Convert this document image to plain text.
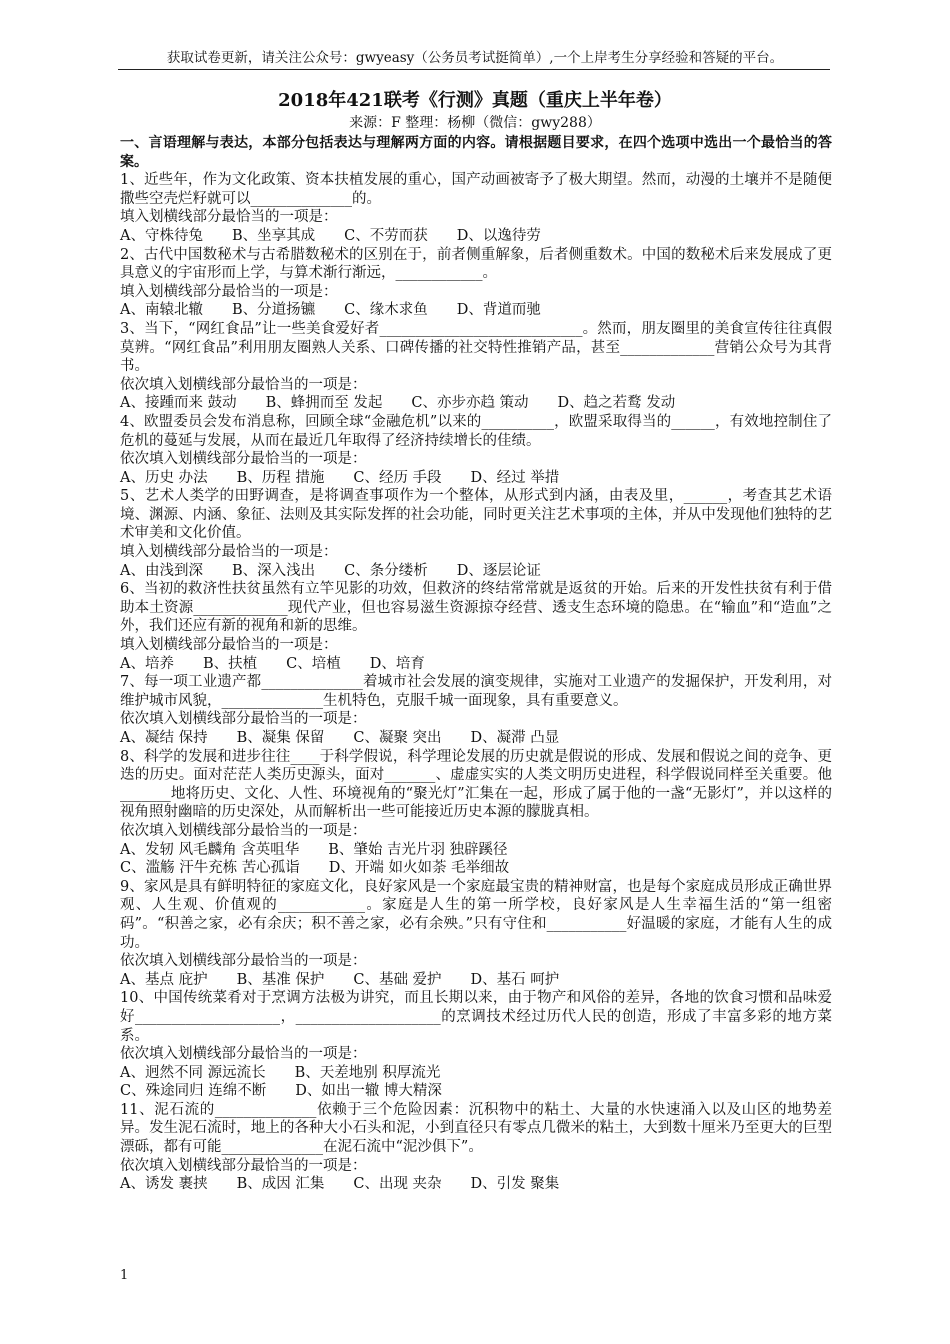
获取试卷更新，请关注公众号：gwyeasy（公务员考试挺简单）,一个上岸考生分享经验和答疑的平台。
2018年421联考《行测》真题（重庆上半年卷）
来源：F 整理：杨柳（微信：gwy288）

一、言语理解与表达，本部分包括表达与理解两方面的内容。请根据题目要求，在四个选项中选出一个最恰当的答案。

1、近些年，作为文化政策、资本扶植发展的重心，国产动画被寄予了极大期望。然而，动漫的土壤并不是随便撒些空壳烂籽就可以______________的。

填入划横线部分最恰当的一项是：

A、守株待兔　　B、坐享其成　　C、不劳而获　　D、以逸待劳

2、古代中国数秘术与古希腊数秘术的区别在于，前者侧重解象，后者侧重数术。中国的数秘术后来发展成了更具意义的宇宙形而上学，与算术渐行渐远，____________。

填入划横线部分最恰当的一项是：

A、南辕北辙　　B、分道扬镳　　C、缘木求鱼　　D、背道而驰

3、当下，“网红食品”让一些美食爱好者____________________________。然而，朋友圈里的美食宣传往往真假莫辨。“网红食品”利用朋友圈熟人关系、口碑传播的社交特性推销产品，甚至_____________营销公众号为其背书。

依次填入划横线部分最恰当的一项是：

A、接踵而来 鼓动　　B、蜂拥而至 发起　　C、亦步亦趋 策动　　D、趋之若鹜 发动

4、欧盟委员会发布消息称，回顾全球“金融危机”以来的__________，欧盟采取得当的______，有效地控制住了危机的蔓延与发展，从而在最近几年取得了经济持续增长的佳绩。

依次填入划横线部分最恰当的一项是：

A、历史 办法　　B、历程 措施　　C、经历 手段　　D、经过 举措

5、艺术人类学的田野调查，是将调查事项作为一个整体，从形式到内涵，由表及里，______，考查其艺术语境、渊源、内涵、象征、法则及其实际发挥的社会功能，同时更关注艺术事项的主体，并从中发现他们独特的艺术审美和文化价值。

填入划横线部分最恰当的一项是：

A、由浅到深　　B、深入浅出　　C、条分缕析　　D、逐层论证

6、当初的救济性扶贫虽然有立竿见影的功效，但救济的终结常常就是返贫的开始。后来的开发性扶贫有利于借助本土资源_____________现代产业，但也容易滋生资源掠夺经营、透支生态环境的隐患。在“输血”和“造血”之外，我们还应有新的视角和新的思维。

填入划横线部分最恰当的一项是：

A、培养　　B、扶植　　C、培植　　D、培育

7、每一项工业遗产都______________着城市社会发展的演变规律，实施对工业遗产的发掘保护，开发利用，对维护城市风貌，______________生机特色，克服千城一面现象，具有重要意义。

依次填入划横线部分最恰当的一项是：

A、凝结 保持　　B、凝集 保留　　C、凝聚 突出　　D、凝滞 凸显

8、科学的发展和进步往往____于科学假说，科学理论发展的历史就是假说的形成、发展和假说之间的竞争、更迭的历史。面对茫茫人类历史源头，面对_______、虚虚实实的人类文明历史进程，科学假说同样至关重要。他_______地将历史、文化、人性、环境视角的“聚光灯”汇集在一起，形成了属于他的一盏“无影灯”，并以这样的视角照射幽暗的历史深处，从而解析出一些可能接近历史本源的朦胧真相。

依次填入划横线部分最恰当的一项是：

A、发轫 风毛麟角 含英咀华　　B、肇始 吉光片羽 独辟蹊径

C、滥觞 汗牛充栋 苦心孤诣　　D、开端 如火如荼 毛举细故

9、家风是具有鲜明特征的家庭文化，良好家风是一个家庭最宝贵的精神财富，也是每个家庭成员形成正确世界观、人生观、价值观的____________。家庭是人生的第一所学校，良好家风是人生幸福生活的“第一组密码”。“积善之家，必有余庆；积不善之家，必有余殃。”只有守住和___________好温暖的家庭，才能有人生的成功。

依次填入划横线部分最恰当的一项是：

A、基点 庇护　　B、基准 保护　　C、基础 爱护　　D、基石 呵护

10、中国传统菜肴对于烹调方法极为讲究，而且长期以来，由于物产和风俗的差异，各地的饮食习惯和品味爱好____________________，____________________的烹调技术经过历代人民的创造，形成了丰富多彩的地方菜系。

依次填入划横线部分最恰当的一项是：

A、迥然不同 源远流长　　B、天差地别 积厚流光

C、殊途同归 连绵不断　　D、如出一辙 博大精深

11、泥石流的______________依赖于三个危险因素：沉积物中的粘土、大量的水快速涌入以及山区的地势差异。发生泥石流时，地上的各种大小石头和泥，小到直径只有零点几微米的粘土，大到数十厘米乃至更大的巨型漂砾，都有可能______________在泥石流中“泥沙俱下”。

依次填入划横线部分最恰当的一项是：

A、诱发 裹挟　　B、成因 汇集　　C、出现 夹杂　　D、引发 聚集

1
